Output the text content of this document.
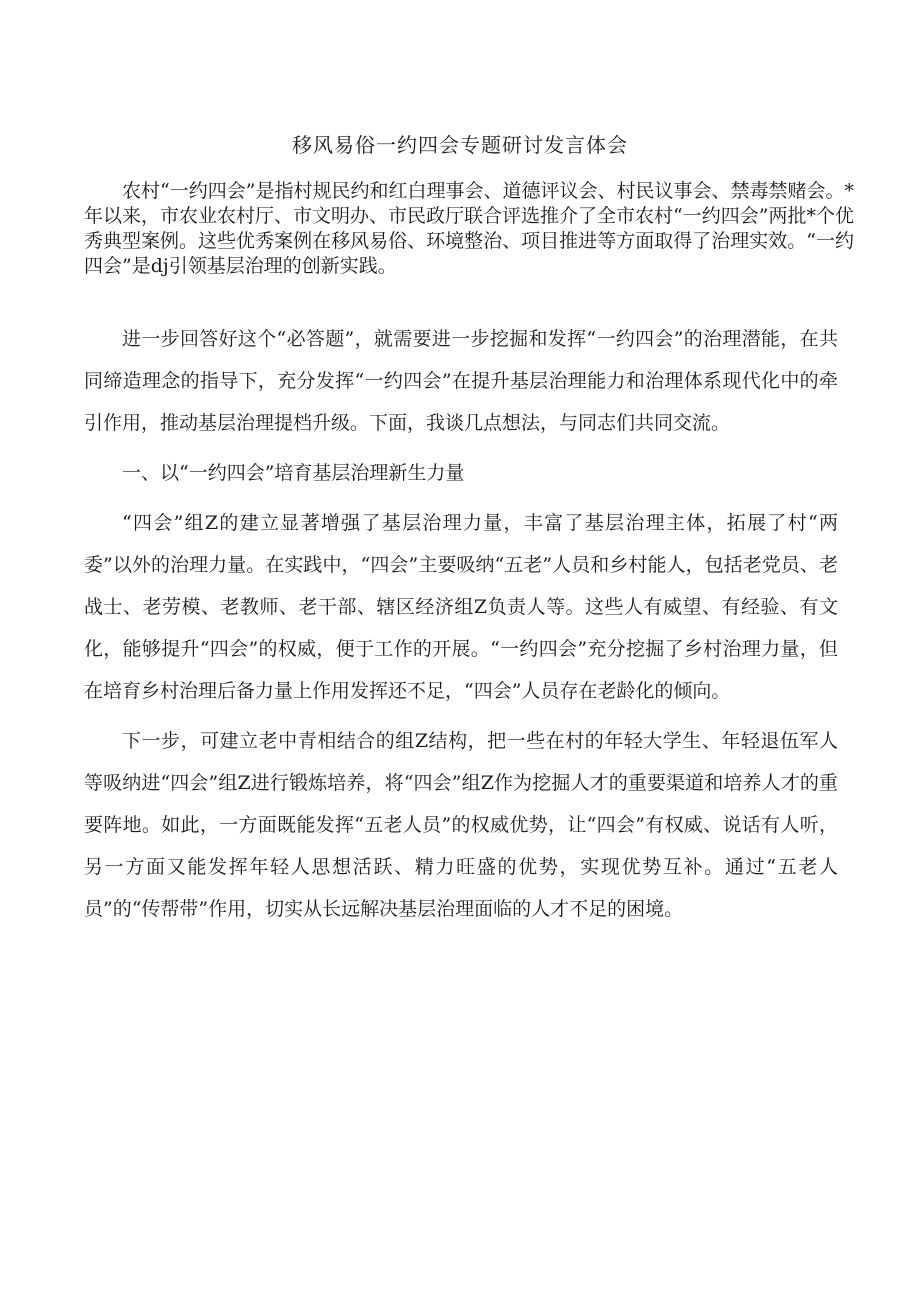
移风易俗一约四会专题研讨发言体会

农村“一约四会”是指村规民约和红白理事会、道德评议会、村民议事会、禁毒禁赌会。*年以来，市农业农村厅、市文明办、市民政厅联合评选推介了全市农村“一约四会”两批*个优秀典型案例。这些优秀案例在移风易俗、环境整治、项目推进等方面取得了治理实效。“一约四会”是dj引领基层治理的创新实践。

进一步回答好这个“必答题”，就需要进一步挖掘和发挥“一约四会”的治理潜能，在共同缔造理念的指导下，充分发挥“一约四会”在提升基层治理能力和治理体系现代化中的牵引作用，推动基层治理提档升级。下面，我谈几点想法，与同志们共同交流。

一、以“一约四会”培育基层治理新生力量

“四会”组Z的建立显著增强了基层治理力量，丰富了基层治理主体，拓展了村“两委”以外的治理力量。在实践中，“四会”主要吸纳“五老”人员和乡村能人，包括老党员、老战士、老劳模、老教师、老干部、辖区经济组Z负责人等。这些人有威望、有经验、有文化，能够提升“四会”的权威，便于工作的开展。“一约四会”充分挖掘了乡村治理力量，但在培育乡村治理后备力量上作用发挥还不足，“四会”人员存在老龄化的倾向。

下一步，可建立老中青相结合的组Z结构，把一些在村的年轻大学生、年轻退伍军人等吸纳进“四会”组Z进行锻炼培养，将“四会”组Z作为挖掘人才的重要渠道和培养人才的重要阵地。如此，一方面既能发挥“五老人员”的权威优势，让“四会”有权威、说话有人听，另一方面又能发挥年轻人思想活跃、精力旺盛的优势，实现优势互补。通过“五老人员”的“传帮带”作用，切实从长远解决基层治理面临的人才不足的困境。
